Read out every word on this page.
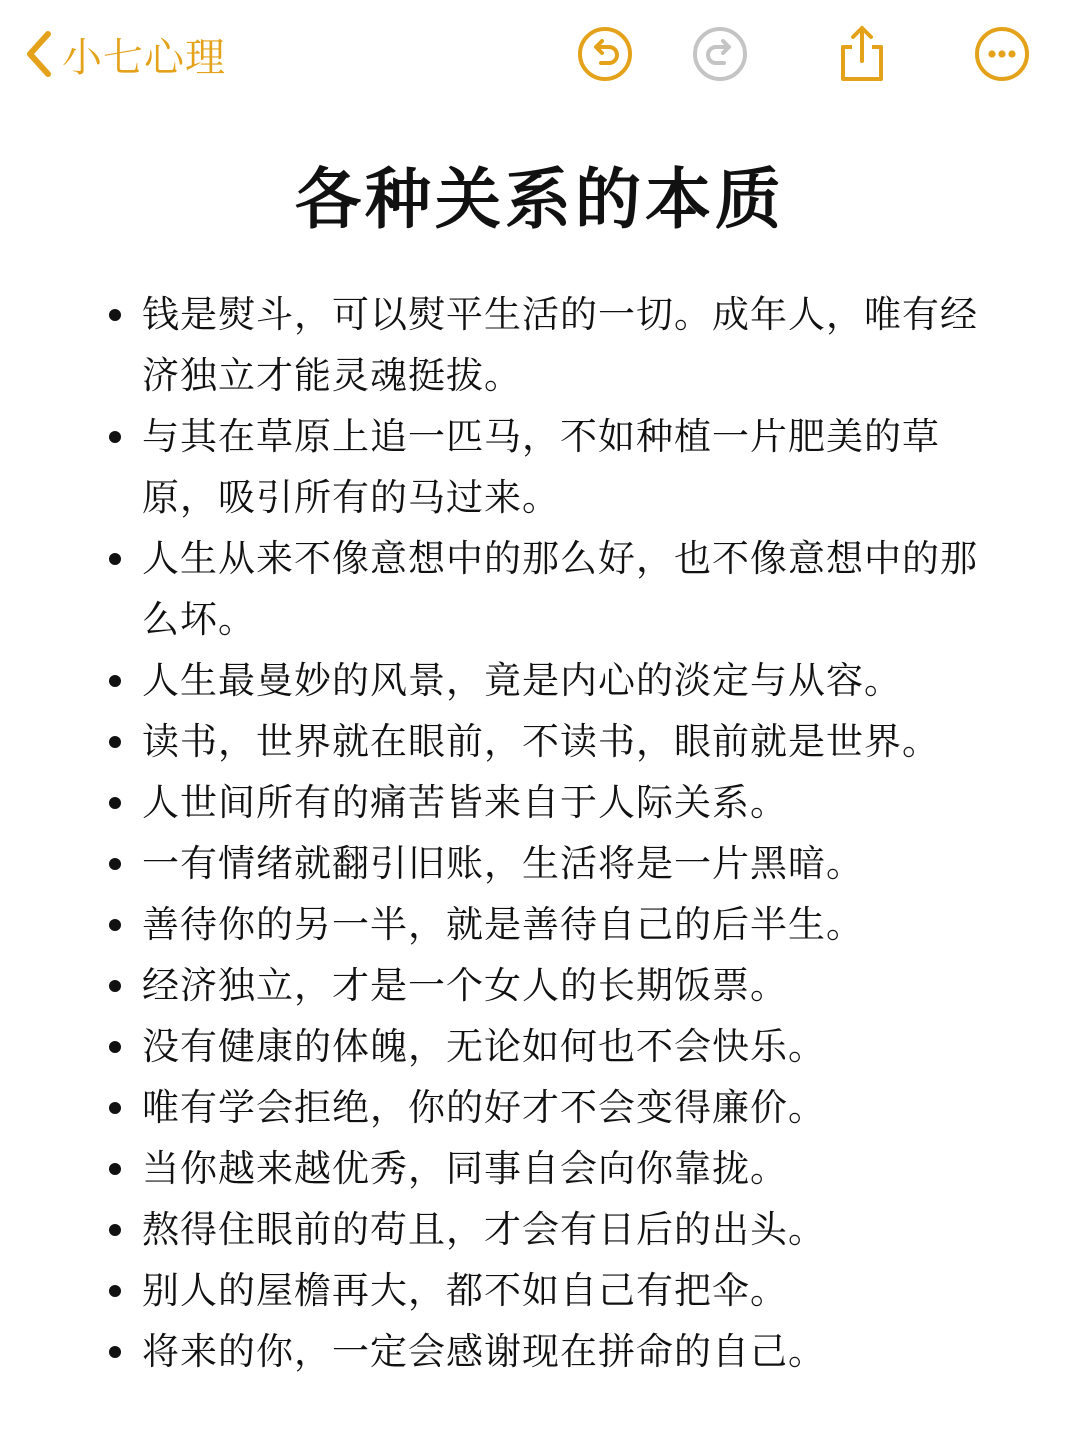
小七心理
各种关系的本质
钱是熨斗，可以熨平生活的一切。成年人，唯有经济独立才能灵魂挺拔。
与其在草原上追一匹马，不如种植一片肥美的草原，吸引所有的马过来。
人生从来不像意想中的那么好，也不像意想中的那么坏。
人生最曼妙的风景，竟是内心的淡定与从容。
读书，世界就在眼前，不读书，眼前就是世界。
人世间所有的痛苦皆来自于人际关系。
一有情绪就翻引旧账，生活将是一片黑暗。
善待你的另一半，就是善待自己的后半生。
经济独立，才是一个女人的长期饭票。
没有健康的体魄，无论如何也不会快乐。
唯有学会拒绝，你的好才不会变得廉价。
当你越来越优秀，同事自会向你靠拢。
熬得住眼前的苟且，才会有日后的出头。
别人的屋檐再大，都不如自己有把伞。
将来的你，一定会感谢现在拼命的自己。
